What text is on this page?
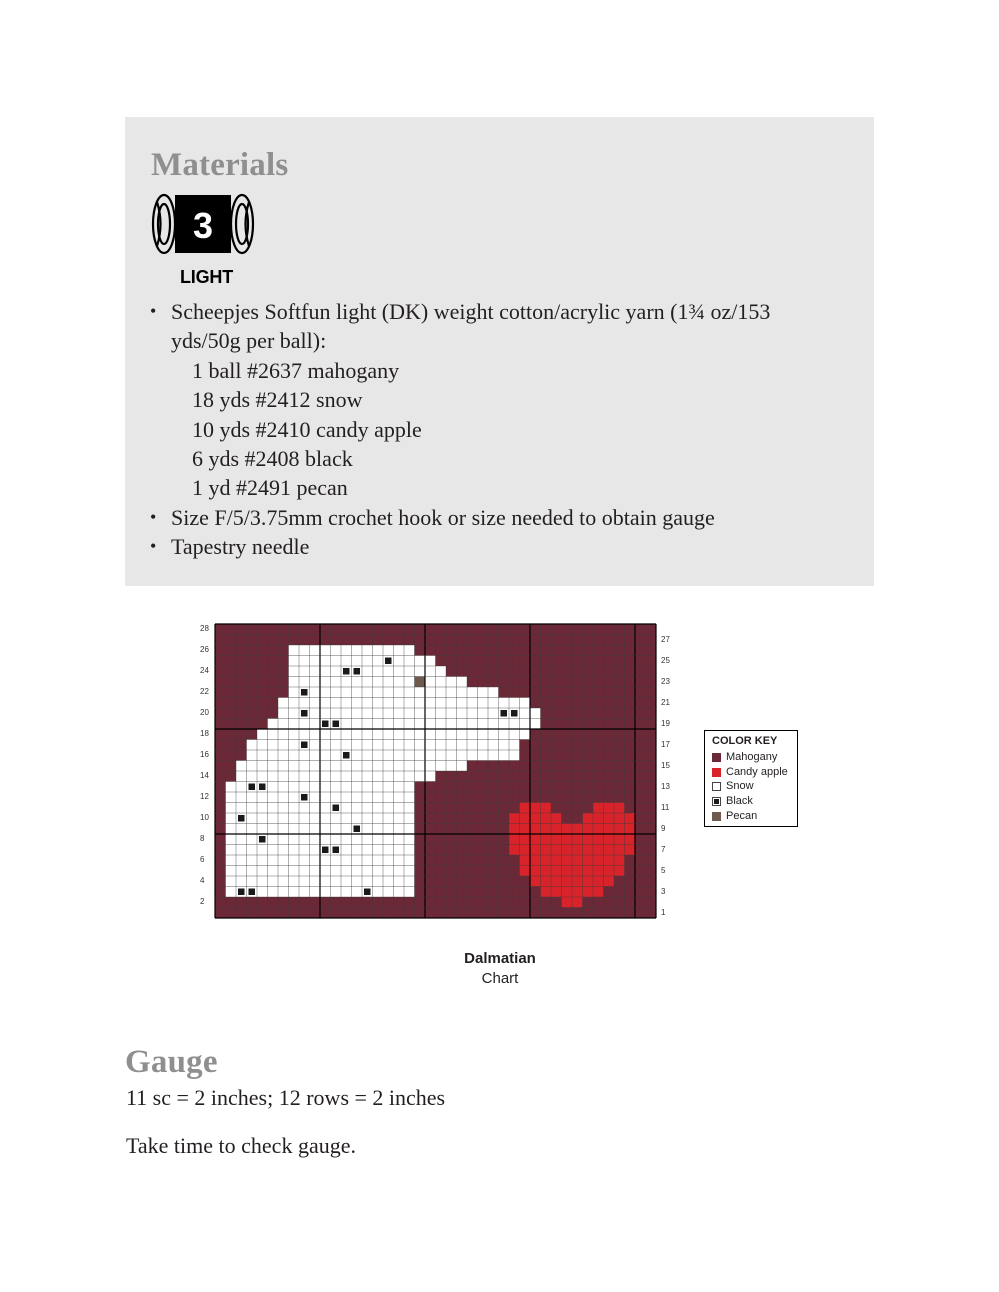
Materials
3
LIGHT
• Scheepjes Softfun light (DK) weight cotton/acrylic yarn (1¾ oz/153
yds/50g per ball):
1 ball #2637 mahogany
18 yds #2412 snow
10 yds #2410 candy apple
6 yds #2408 black
1 yd #2491 pecan
• Size F/5/3.75mm crochet hook or size needed to obtain gauge
• Tapestry needle
28
26
24
22
20
18
16
14
12
10
8
6
4
2
27
25
23
21
19
17
15
13
11
9
7
5
3
1
COLOR KEY
Mahogany
Candy apple
Snow
Black
Pecan
Dalmatian
Chart
Gauge
11 sc = 2 inches; 12 rows = 2 inches
Take time to check gauge.
